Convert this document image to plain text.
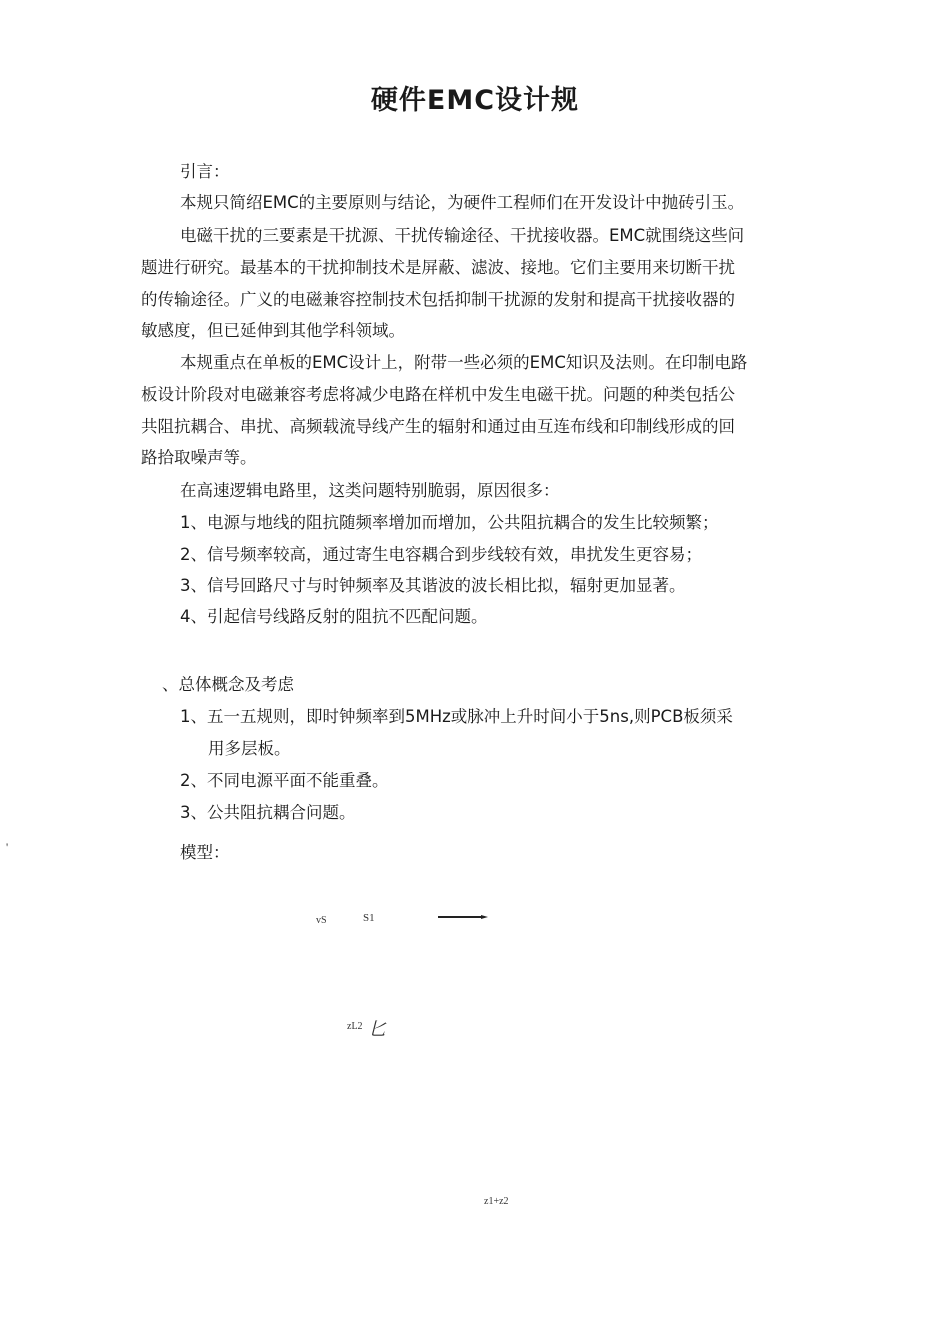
硬件EMC设计规
引言：
本规只简绍EMC的主要原则与结论，为硬件工程师们在开发设计中抛砖引玉。
电磁干扰的三要素是干扰源、干扰传输途径、干扰接收器。EMC就围绕这些问
题进行研究。最基本的干扰抑制技术是屏蔽、滤波、接地。它们主要用来切断干扰
的传输途径。广义的电磁兼容控制技术包括抑制干扰源的发射和提高干扰接收器的
敏感度，但已延伸到其他学科领域。
本规重点在单板的EMC设计上，附带一些必须的EMC知识及法则。在印制电路
板设计阶段对电磁兼容考虑将减少电路在样机中发生电磁干扰。问题的种类包括公
共阻抗耦合、串扰、高频载流导线产生的辐射和通过由互连布线和印制线形成的回
路拾取噪声等。
在高速逻辑电路里，这类问题特别脆弱，原因很多：
1、电源与地线的阻抗随频率增加而增加，公共阻抗耦合的发生比较频繁；
2、信号频率较高，通过寄生电容耦合到步线较有效，串扰发生更容易；
3、信号回路尺寸与时钟频率及其谐波的波长相比拟，辐射更加显著。
4、引起信号线路反射的阻抗不匹配问题。
、总体概念及考虑
1、五一五规则，即时钟频率到5MHz或脉冲上升时间小于5ns,则PCB板须采
用多层板。
2、不同电源平面不能重叠。
3、公共阻抗耦合问题。
'	模型：
vS	S1
zL2 匕
z1+z2
